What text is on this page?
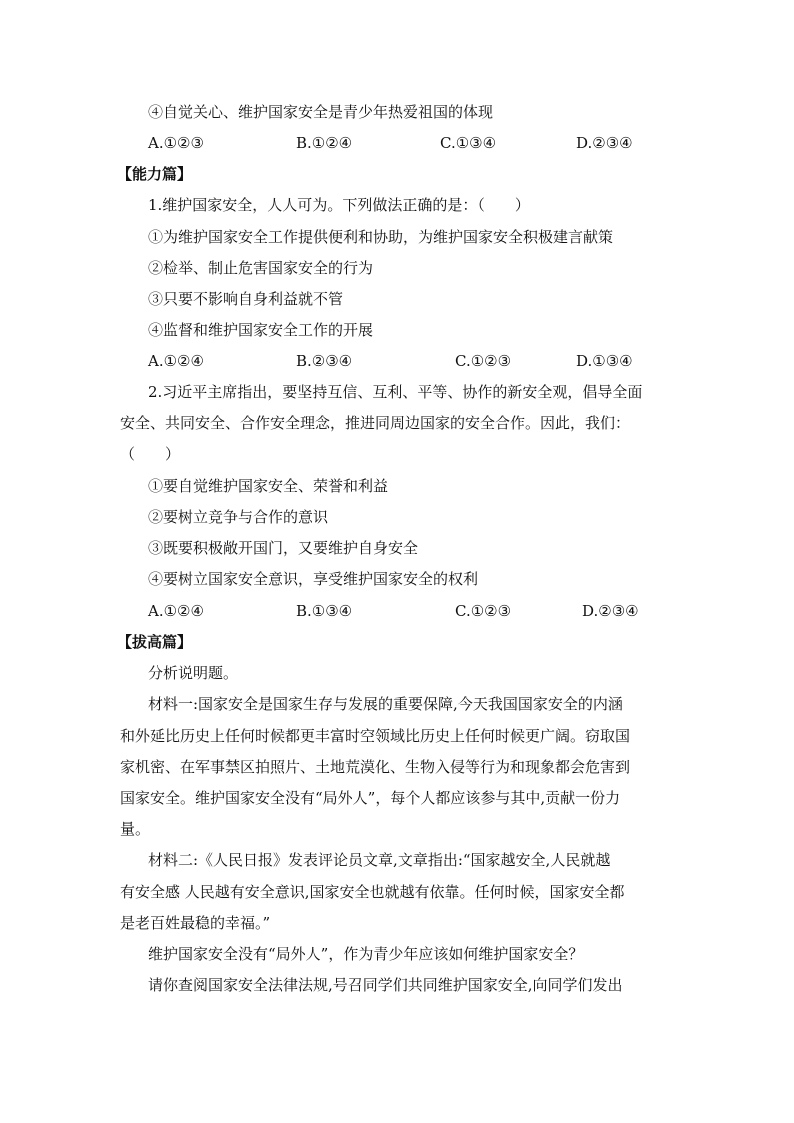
④自觉关心、维护国家安全是青少年热爱祖国的体现
A.①②③	B.①②④	C.①③④	D.②③④
【能力篇】
1.维护国家安全，人人可为。下列做法正确的是：（　　）
①为维护国家安全工作提供便利和协助，为维护国家安全积极建言献策
②检举、制止危害国家安全的行为
③只要不影响自身利益就不管
④监督和维护国家安全工作的开展
A.①②④	B.②③④	C.①②③	D.①③④
2.习近平主席指出，要坚持互信、互利、平等、协作的新安全观，倡导全面
安全、共同安全、合作安全理念，推进同周边国家的安全合作。因此，我们：
（　　）
①要自觉维护国家安全、荣誉和利益
②要树立竞争与合作的意识
③既要积极敞开国门，又要维护自身安全
④要树立国家安全意识，享受维护国家安全的权利
A.①②④	B.①③④	C.①②③	D.②③④
【拔高篇】
分析说明题。
材料一:国家安全是国家生存与发展的重要保障,今天我国国家安全的内涵
和外延比历史上任何时候都更丰富时空领域比历史上任何时候更广阔。窃取国
家机密、在军事禁区拍照片、土地荒漠化、生物入侵等行为和现象都会危害到
国家安全。维护国家安全没有“局外人”，每个人都应该参与其中,贡献一份力
量。
材料二:《人民日报》发表评论员文章,文章指出:“国家越安全,人民就越
有安全感 人民越有安全意识,国家安全也就越有依靠。任何时候，国家安全都
是老百姓最稳的幸福。”
维护国家安全没有“局外人”，作为青少年应该如何维护国家安全？
请你查阅国家安全法律法规,号召同学们共同维护国家安全,向同学们发出
